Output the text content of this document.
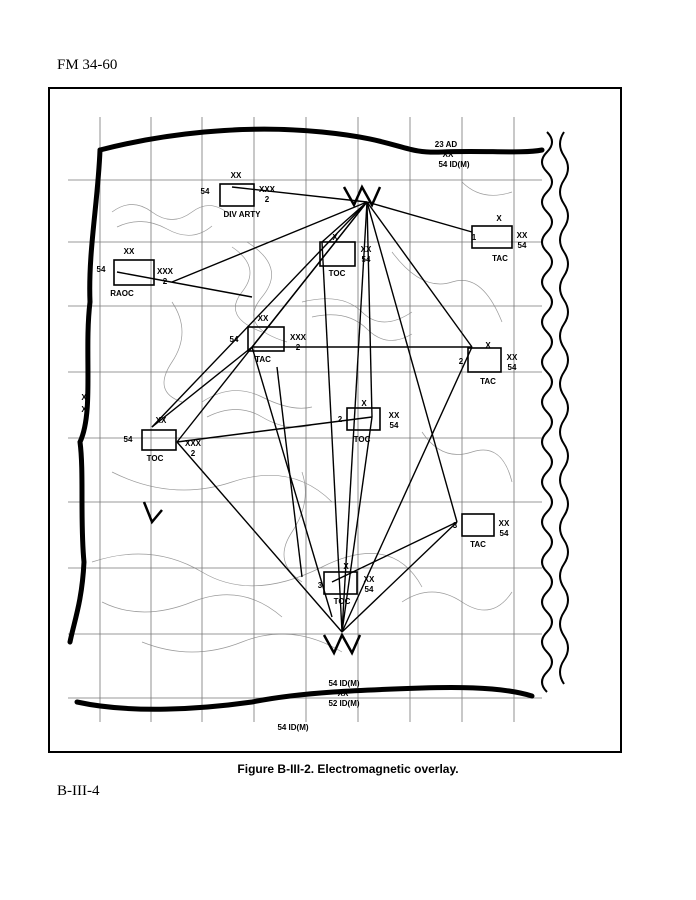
FM 34-60
23 AD
XX
54 ID(M)
X
X
54
XX
XXX
2
DIV ARTY
XX
54	XXX
2
RAOC
X
XX
54
TOC
X
1	XX
54
TAC
XX
54	XXX
2
TAC
X
2	XX
54
TAC
X
2	XX
54
TOC
XX
54	XXX
2
TOC
3	XX
54
TAC
X
3
XX
54
TOC
54 ID(M)
XX
52 ID(M)
54 ID(M)
Figure B-III-2. Electromagnetic overlay.
B-III-4
